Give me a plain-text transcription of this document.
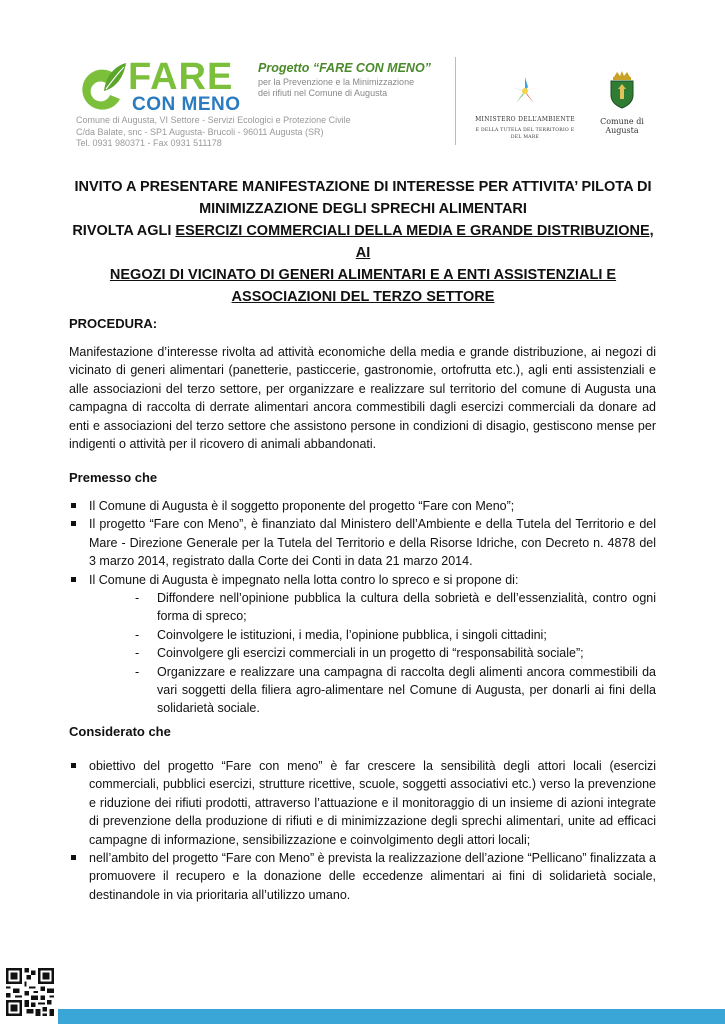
FARE
CON MENO
Progetto “FARE CON MENO”
per la Prevenzione e la Minimizzazione dei rifiuti nel Comune di Augusta
Comune di Augusta, VI Settore - Servizi Ecologici e Protezione Civile
C/da Balate, snc - SP1 Augusta- Brucoli - 96011 Augusta (SR)
Tel. 0931 980371 - Fax 0931 511178
MINISTERO DELL’AMBIENTE
E DELLA TUTELA DEL TERRITORIO E DEL MARE
Comune di Augusta
INVITO A PRESENTARE MANIFESTAZIONE DI INTERESSE PER ATTIVITA’ PILOTA DI
MINIMIZZAZIONE DEGLI SPRECHI ALIMENTARI
RIVOLTA AGLI ESERCIZI COMMERCIALI DELLA MEDIA E GRANDE DISTRIBUZIONE, AI
NEGOZI DI VICINATO DI GENERI ALIMENTARI E A ENTI ASSISTENZIALI E
ASSOCIAZIONI DEL TERZO SETTORE
PROCEDURA:
Manifestazione d’interesse rivolta ad attività economiche della media e grande distribuzione, ai negozi di vicinato di generi alimentari (panetterie, pasticcerie, gastronomie, ortofrutta etc.), agli enti assistenziali e alle associazioni del terzo settore, per organizzare e realizzare sul territorio del comune di Augusta una campagna di raccolta di derrate alimentari ancora commestibili dagli esercizi commerciali da donare ad enti e associazioni del terzo settore che assistono persone in condizioni di disagio, gestiscono mense per indigenti o attività per il ricovero di animali abbandonati.
Premesso che
Il Comune di Augusta è il soggetto proponente del progetto “Fare con Meno”;
Il progetto “Fare con Meno”, è finanziato dal Ministero dell’Ambiente e della Tutela del Territorio e del Mare - Direzione Generale per la Tutela del Territorio e della Risorse Idriche, con Decreto n. 4878 del 3 marzo 2014, registrato dalla Corte dei Conti in data 21 marzo 2014.
Il Comune di Augusta è impegnato nella lotta contro lo spreco e si propone di:
- Diffondere nell’opinione pubblica la cultura della sobrietà e dell’essenzialità, contro ogni forma di spreco;
- Coinvolgere le istituzioni, i media, l’opinione pubblica, i singoli cittadini;
- Coinvolgere gli esercizi commerciali in un progetto di “responsabilità sociale”;
- Organizzare e realizzare una campagna di raccolta degli alimenti ancora commestibili da vari soggetti della filiera agro-alimentare nel Comune di Augusta, per donarli ai fini della solidarietà sociale.
Considerato che
obiettivo del progetto “Fare con meno” è far crescere la sensibilità degli attori locali (esercizi commerciali, pubblici esercizi, strutture ricettive, scuole, soggetti associativi etc.) verso la prevenzione e riduzione dei rifiuti prodotti, attraverso l’attuazione e il monitoraggio di un insieme di azioni integrate di prevenzione della produzione di rifiuti e di minimizzazione degli sprechi alimentari, unite ad efficaci campagne di informazione, sensibilizzazione e coinvolgimento degli attori locali;
nell’ambito del progetto “Fare con Meno” è prevista la realizzazione dell’azione “Pellicano” finalizzata a promuovere il recupero e la donazione delle eccedenze alimentari ai fini di solidarietà sociale, destinandole in via prioritaria all’utilizzo umano.
